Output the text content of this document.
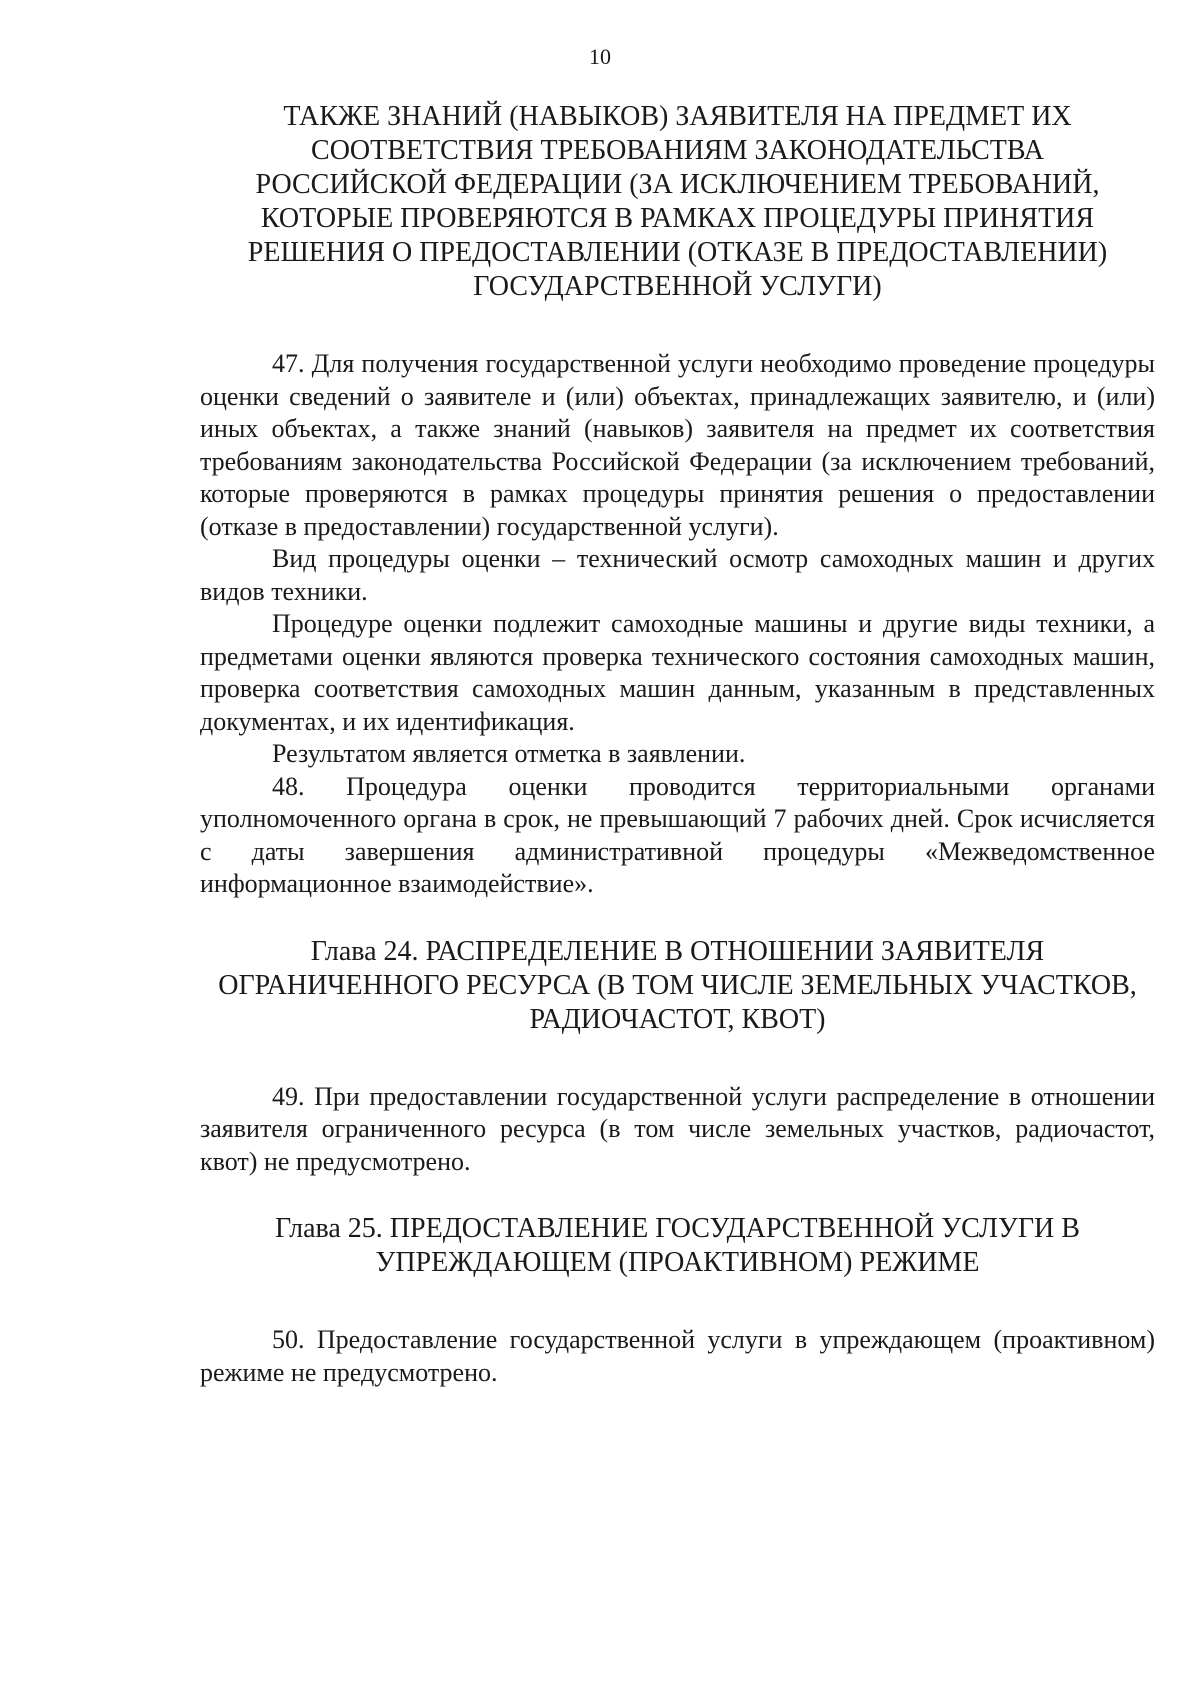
10
ТАКЖЕ ЗНАНИЙ (НАВЫКОВ) ЗАЯВИТЕЛЯ НА ПРЕДМЕТ ИХ
СООТВЕТСТВИЯ ТРЕБОВАНИЯМ ЗАКОНОДАТЕЛЬСТВА
РОССИЙСКОЙ ФЕДЕРАЦИИ (ЗА ИСКЛЮЧЕНИЕМ ТРЕБОВАНИЙ,
КОТОРЫЕ ПРОВЕРЯЮТСЯ В РАМКАХ ПРОЦЕДУРЫ ПРИНЯТИЯ
РЕШЕНИЯ О ПРЕДОСТАВЛЕНИИ (ОТКАЗЕ В ПРЕДОСТАВЛЕНИИ)
ГОСУДАРСТВЕННОЙ УСЛУГИ)

47. Для получения государственной услуги необходимо проведение процедуры оценки сведений о заявителе и (или) объектах, принадлежащих заявителю, и (или) иных объектах, а также знаний (навыков) заявителя на предмет их соответствия требованиям законодательства Российской Федерации (за исключением требований, которые проверяются в рамках процедуры принятия решения о предоставлении (отказе в предоставлении) государственной услуги).

Вид процедуры оценки – технический осмотр самоходных машин и других видов техники.

Процедуре оценки подлежит самоходные машины и другие виды техники, а предметами оценки являются проверка технического состояния самоходных машин, проверка соответствия самоходных машин данным, указанным в представленных документах, и их идентификация.

Результатом является отметка в заявлении.

48. Процедура оценки проводится территориальными органами уполномоченного органа в срок, не превышающий 7 рабочих дней. Срок исчисляется с даты завершения административной процедуры «Межведомственное информационное взаимодействие».

Глава 24. РАСПРЕДЕЛЕНИЕ В ОТНОШЕНИИ ЗАЯВИТЕЛЯ
ОГРАНИЧЕННОГО РЕСУРСА (В ТОМ ЧИСЛЕ ЗЕМЕЛЬНЫХ УЧАСТКОВ,
РАДИОЧАСТОТ, КВОТ)

49. При предоставлении государственной услуги распределение в отношении заявителя ограниченного ресурса (в том числе земельных участков, радиочастот, квот) не предусмотрено.

Глава 25. ПРЕДОСТАВЛЕНИЕ ГОСУДАРСТВЕННОЙ УСЛУГИ В
УПРЕЖДАЮЩЕМ (ПРОАКТИВНОМ) РЕЖИМЕ

50. Предоставление государственной услуги в упреждающем (проактивном) режиме не предусмотрено.
